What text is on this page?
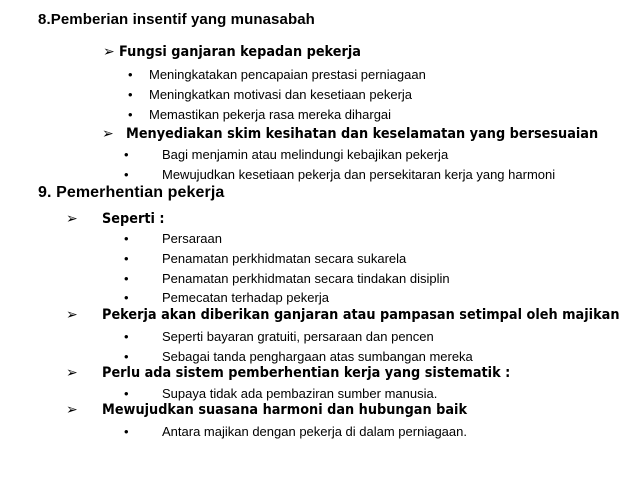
8.Pemberian insentif yang munasabah
➢ Fungsi ganjaran kepadan pekerja
• Meningkatakan pencapaian prestasi perniagaan
• Meningkatkan motivasi dan kesetiaan pekerja
• Memastikan pekerja rasa mereka dihargai
➢ Menyediakan skim kesihatan dan keselamatan yang bersesuaian
•	Bagi menjamin atau melindungi kebajikan pekerja
•	Mewujudkan kesetiaan pekerja dan persekitaran kerja yang harmoni
9. Pemerhentian pekerja
➢ Seperti :
•	Persaraan
•	Penamatan perkhidmatan secara sukarela
•	Penamatan perkhidmatan secara tindakan disiplin
•	Pemecatan terhadap pekerja
➢ Pekerja akan diberikan ganjaran atau pampasan setimpal oleh majikan
•	Seperti bayaran gratuiti, persaraan dan pencen
•	Sebagai tanda penghargaan atas sumbangan mereka
➢ Perlu ada sistem pemberhentian kerja yang sistematik :
•	Supaya tidak ada pembaziran sumber manusia.
➢ Mewujudkan suasana harmoni dan hubungan baik
•	Antara majikan dengan pekerja di dalam perniagaan.
